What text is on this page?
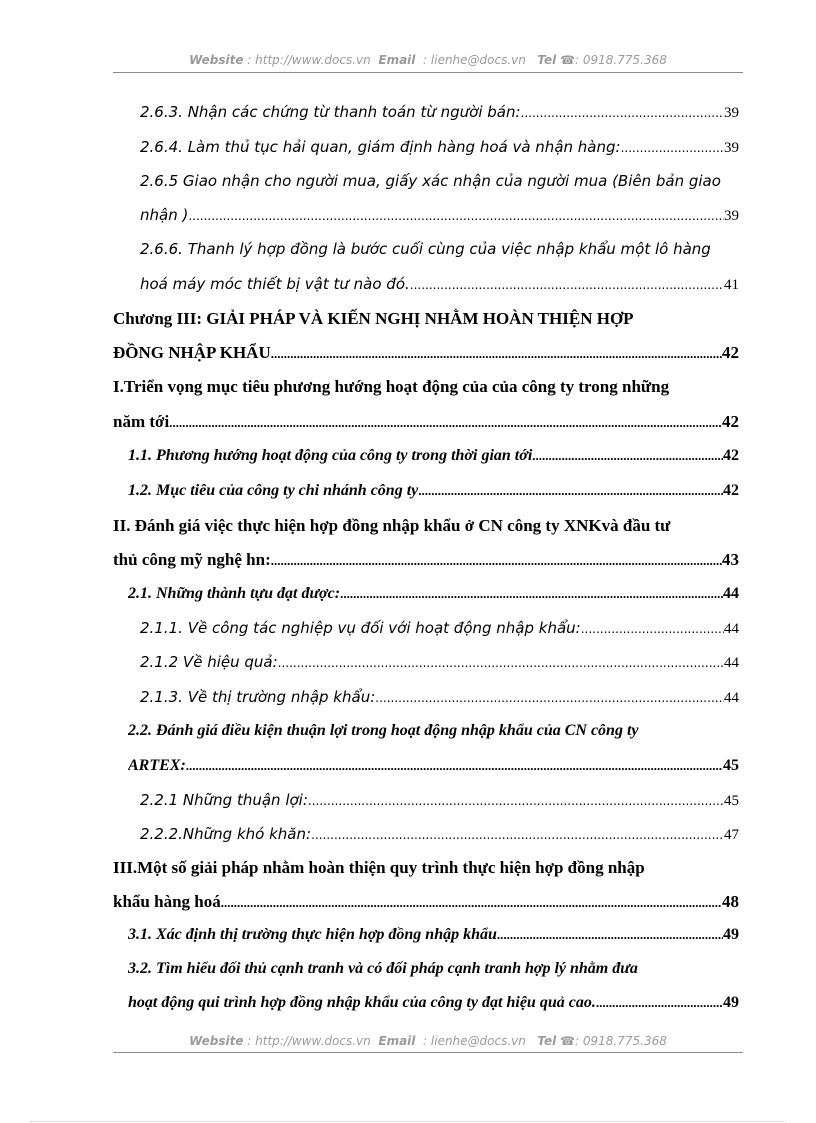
Website : http://www.docs.vn Email : lienhe@docs.vn Tel ☎: 0918.775.368
2.6.3. Nhận các chứng từ thanh toán từ người bán: .....	39
2.6.4. Làm thủ tục hải quan, giám định hàng hoá và nhận hàng: .....	39
2.6.5 Giao nhận cho người mua, giấy xác nhận của người mua (Biên bản giao
nhận ) .....	39
2.6.6. Thanh lý hợp đồng là bước cuối cùng của việc nhập khẩu một lô hàng
hoá máy móc thiết bị vật tư nào đó. .....	41
Chương III: GIẢI PHÁP VÀ KIẾN NGHỊ NHẰM HOÀN THIỆN HỢP
ĐỒNG NHẬP KHẨU .....	42
I.Triển vọng mục tiêu phương hướng hoạt động của của công ty trong những
năm tới .....	42
1.1. Phương hướng hoạt động của công ty trong thời gian tới .....	42
1.2. Mục tiêu của công ty chi nhánh công ty .....	42
II. Đánh giá việc thực hiện hợp đồng nhập khẩu ở CN công ty XNKvà đầu tư
thủ công mỹ nghệ hn: .....	43
2.1. Những thành tựu đạt được: .....	44
2.1.1. Về công tác nghiệp vụ đối với hoạt động nhập khẩu: .....	44
2.1.2 Về hiệu quả: .....	44
2.1.3. Về thị trường nhập khẩu: .....	44
2.2. Đánh giá điều kiện thuận lợi trong hoạt động nhập khẩu của CN công ty
ARTEX: .....	45
2.2.1 Những thuận lợi: .....	45
2.2.2.Những khó khăn: .....	47
III.Một số giải pháp nhằm hoàn thiện quy trình thực hiện hợp đồng nhập
khẩu hàng hoá .....	48
3.1. Xác định thị trường thực hiện hợp đồng nhập khẩu .....	49
3.2. Tìm hiểu đối thủ cạnh tranh và có đối pháp cạnh tranh hợp lý nhằm đưa
hoạt động qui trình hợp đồng nhập khẩu của công ty đạt hiệu quả cao. .....	49
Website : http://www.docs.vn Email : lienhe@docs.vn Tel ☎: 0918.775.368
